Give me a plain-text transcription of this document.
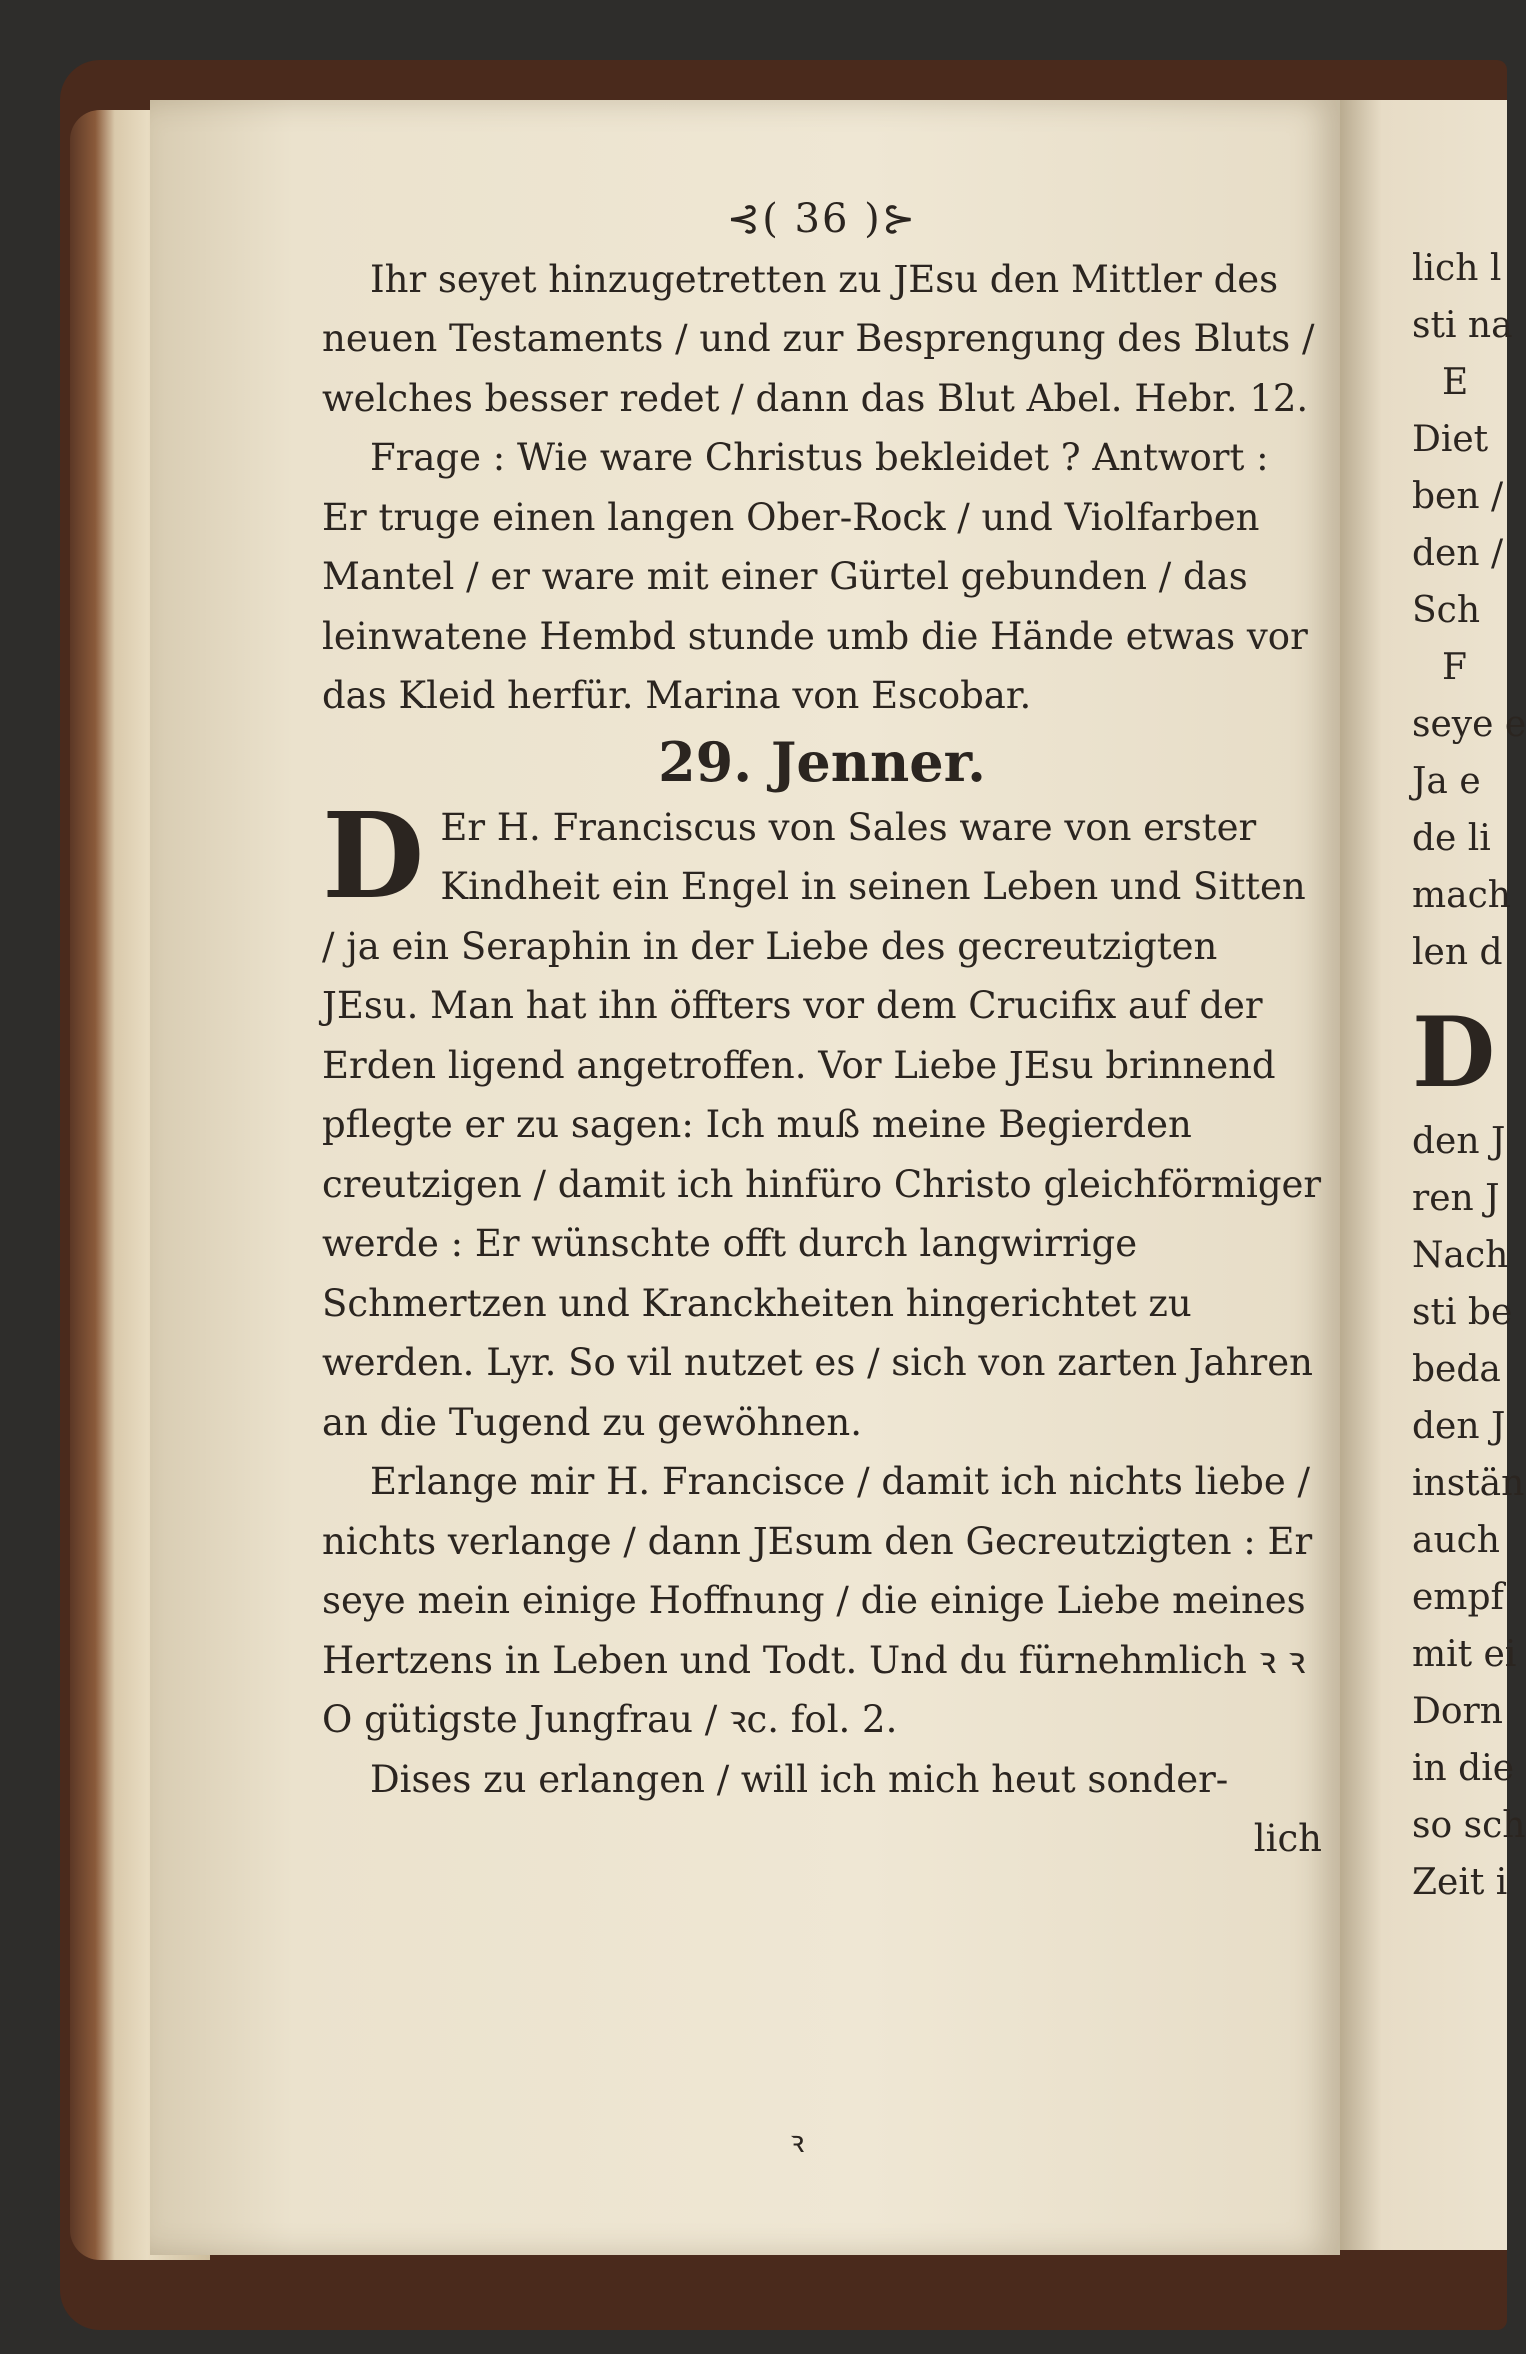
⊰( 36 )⊱

Ihr seyet hinzugetretten zu JEsu den Mittler des neuen Testaments / und zur Besprengung des Bluts / welches besser redet / dann das Blut Abel. Hebr. 12.

Frage : Wie ware Christus bekleidet ? Antwort : Er truge einen langen Ober-Rock / und Violfarben Mantel / er ware mit einer Gürtel gebunden / das leinwatene Hembd stunde umb die Hände etwas vor das Kleid herfür. Marina von Escobar.

29. Jenner.

D Er H. Franciscus von Sales ware von erster Kindheit ein Engel in seinen Leben und Sitten / ja ein Seraphin in der Liebe des gecreutzigten JEsu. Man hat ihn öffters vor dem Crucifix auf der Erden ligend angetroffen. Vor Liebe JEsu brinnend pflegte er zu sagen: Ich muß meine Begierden creutzigen / damit ich hinfüro Christo gleichförmiger werde : Er wünschte offt durch langwirrige Schmertzen und Kranckheiten hingerichtet zu werden. Lyr. So vil nutzet es / sich von zarten Jahren an die Tugend zu gewöhnen.

Erlange mir H. Francisce / damit ich nichts liebe / nichts verlange / dann JEsum den Gecreutzigten : Er seye mein einige Hoffnung / die einige Liebe meines Hertzens in Leben und Todt. Und du fürnehmlich ꝛ ꝛ O gütigste Jungfrau / ꝛc. fol. 2.

Dises zu erlangen / will ich mich heut sonder-

lich

ꝛ

lich l

sti na

E

Diet

ben /

den /

Sch

F

seye e

Ja e

de li

mach

len d

D

den J

ren J

Nach

sti be

beda

den J

instän

auch

empf

mit ei

Dorn

in die

so sch

Zeit i
